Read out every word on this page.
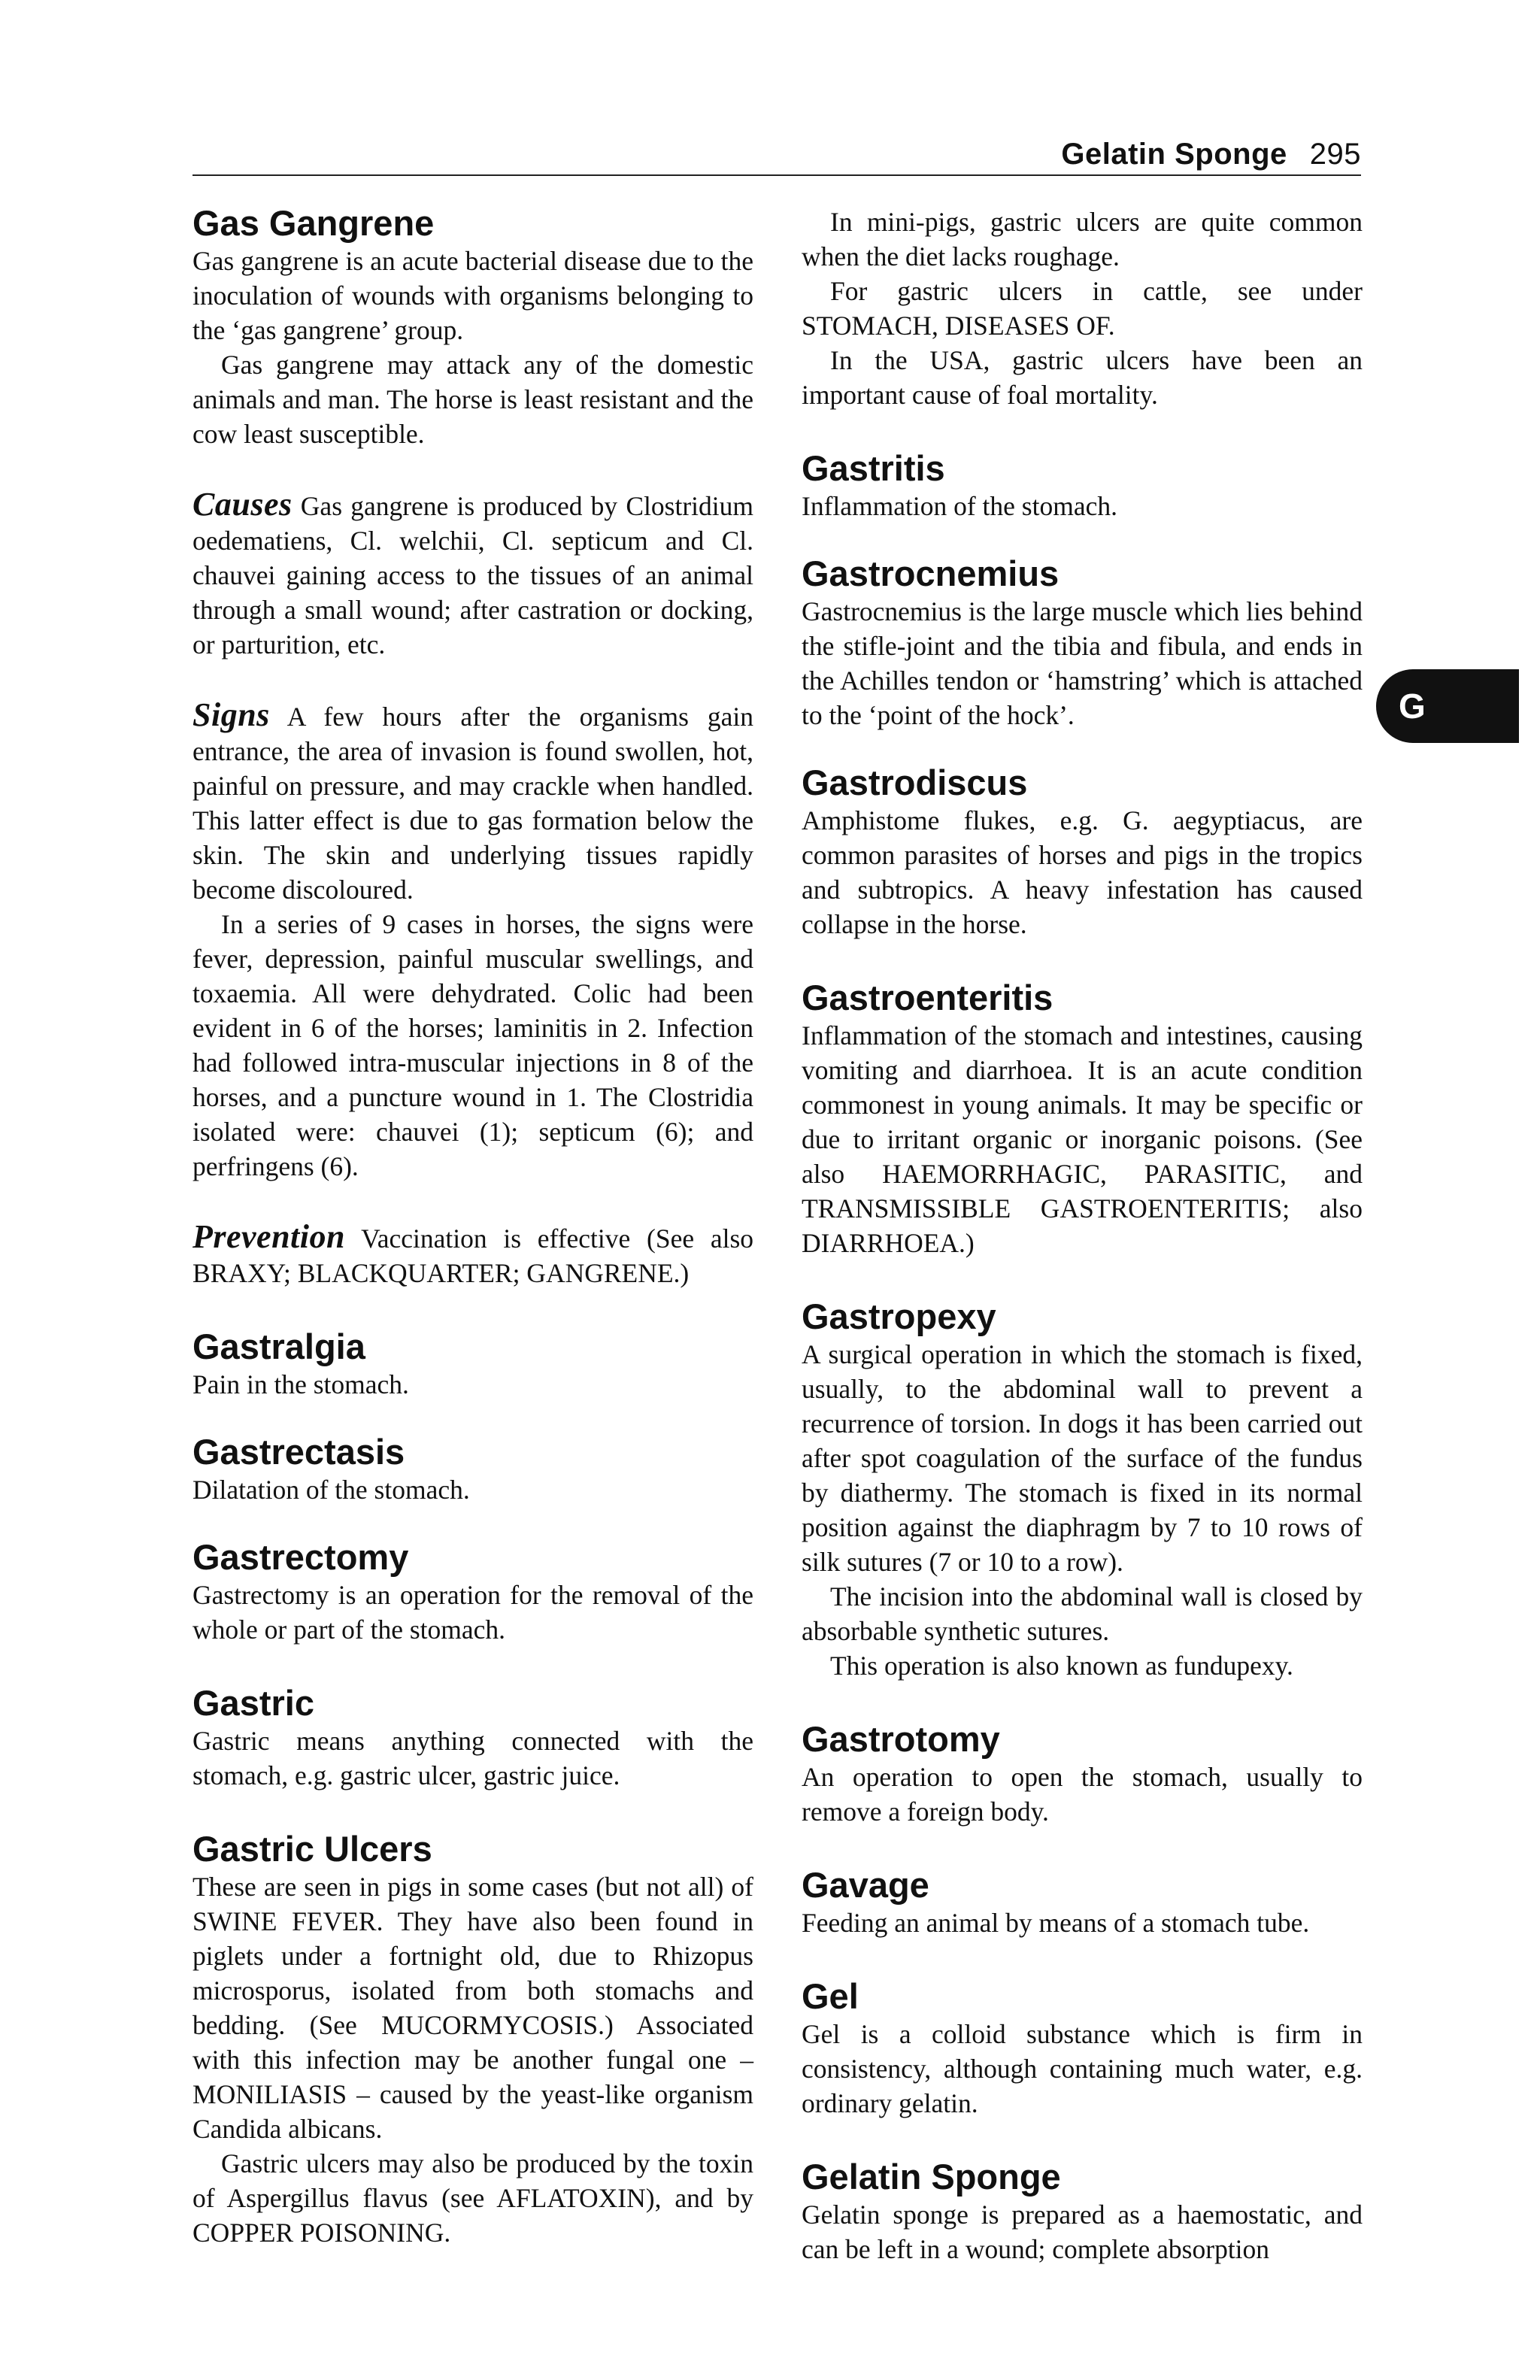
Gelatin Sponge 295
G
Gas Gangrene

Gas gangrene is an acute bacterial disease due to the inoculation of wounds with organisms belonging to the ‘gas gangrene’ group.

Gas gangrene may attack any of the domestic animals and man. The horse is least resistant and the cow least susceptible.

Causes Gas gangrene is produced by Clostridium oedematiens, Cl. welchii, Cl. septicum and Cl. chauvei gaining access to the tissues of an animal through a small wound; after castration or docking, or parturition, etc.

Signs A few hours after the organisms gain entrance, the area of invasion is found swollen, hot, painful on pressure, and may crackle when handled. This latter effect is due to gas formation below the skin. The skin and underlying tissues rapidly become discoloured.

In a series of 9 cases in horses, the signs were fever, depression, painful muscular swellings, and toxaemia. All were dehydrated. Colic had been evident in 6 of the horses; laminitis in 2. Infection had followed intra-muscular injections in 8 of the horses, and a puncture wound in 1. The Clostridia isolated were: chauvei (1); septicum (6); and perfringens (6).

Prevention Vaccination is effective (See also BRAXY; BLACKQUARTER; GANGRENE.)

Gastralgia

Pain in the stomach.

Gastrectasis

Dilatation of the stomach.

Gastrectomy

Gastrectomy is an operation for the removal of the whole or part of the stomach.

Gastric

Gastric means anything connected with the stomach, e.g. gastric ulcer, gastric juice.

Gastric Ulcers

These are seen in pigs in some cases (but not all) of SWINE FEVER. They have also been found in piglets under a fortnight old, due to Rhizopus microsporus, isolated from both stomachs and bedding. (See MUCORMYCOSIS.) Associated with this infection may be another fungal one – MONILIASIS – caused by the yeast-like organism Candida albicans.

Gastric ulcers may also be produced by the toxin of Aspergillus flavus (see AFLATOXIN), and by COPPER POISONING.

In mini-pigs, gastric ulcers are quite common when the diet lacks roughage.

For gastric ulcers in cattle, see under STOMACH, DISEASES OF.

In the USA, gastric ulcers have been an important cause of foal mortality.

Gastritis

Inflammation of the stomach.

Gastrocnemius

Gastrocnemius is the large muscle which lies behind the stifle-joint and the tibia and fibula, and ends in the Achilles tendon or ‘hamstring’ which is attached to the ‘point of the hock’.

Gastrodiscus

Amphistome flukes, e.g. G. aegyptiacus, are common parasites of horses and pigs in the tropics and subtropics. A heavy infestation has caused collapse in the horse.

Gastroenteritis

Inflammation of the stomach and intestines, causing vomiting and diarrhoea. It is an acute condition commonest in young animals. It may be specific or due to irritant organic or inorganic poisons. (See also HAEMORRHAGIC, PARASITIC, and TRANSMISSIBLE GASTROENTERITIS; also DIARRHOEA.)

Gastropexy

A surgical operation in which the stomach is fixed, usually, to the abdominal wall to prevent a recurrence of torsion. In dogs it has been carried out after spot coagulation of the surface of the fundus by diathermy. The stomach is fixed in its normal position against the diaphragm by 7 to 10 rows of silk sutures (7 or 10 to a row).

The incision into the abdominal wall is closed by absorbable synthetic sutures.

This operation is also known as fundupexy.

Gastrotomy

An operation to open the stomach, usually to remove a foreign body.

Gavage

Feeding an animal by means of a stomach tube.

Gel

Gel is a colloid substance which is firm in consistency, although containing much water, e.g. ordinary gelatin.

Gelatin Sponge

Gelatin sponge is prepared as a haemostatic, and can be left in a wound; complete absorption
